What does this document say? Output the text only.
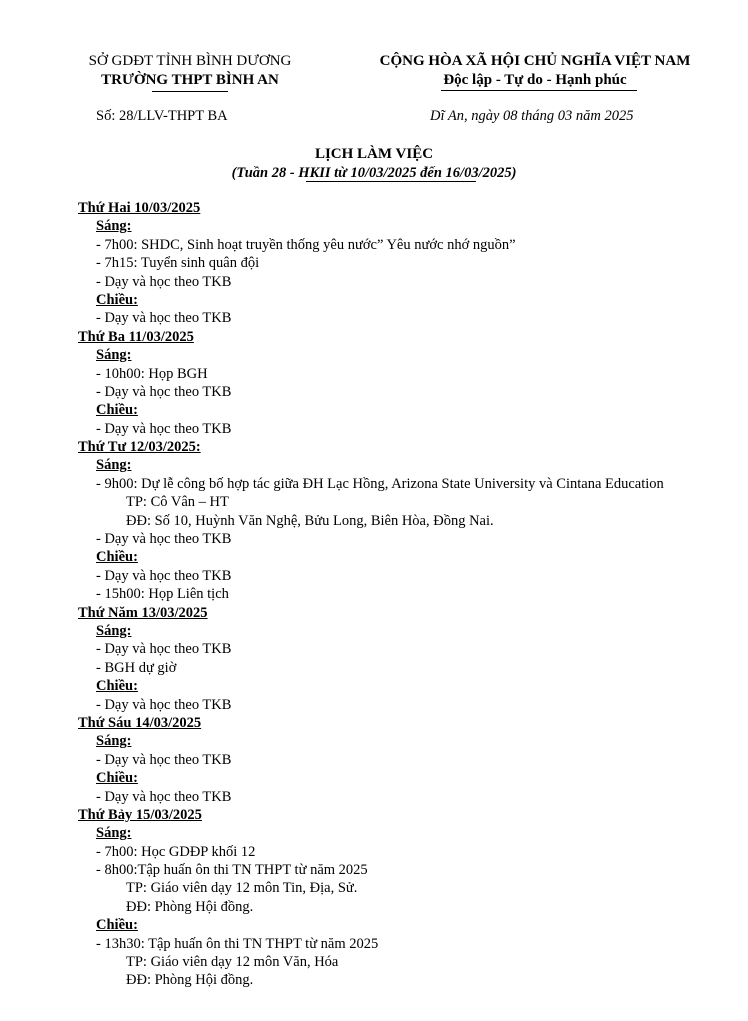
SỞ GDĐT TỈNH BÌNH DƯƠNG
TRƯỜNG THPT BÌNH AN
CỘNG HÒA XÃ HỘI CHỦ NGHĨA VIỆT NAM
Độc lập - Tự do - Hạnh phúc
Số: 28/LLV-THPT BA	Dĩ An, ngày 08 tháng 03 năm 2025
LỊCH LÀM VIỆC
(Tuần 28 - HKII từ 10/03/2025 đến 16/03/2025)
Thứ Hai 10/03/2025
Sáng:
- 7h00: SHDC, Sinh hoạt truyền thống yêu nước” Yêu nước nhớ nguồn”
- 7h15: Tuyển sinh quân đội
- Dạy và học theo TKB
Chiều:
- Dạy và học theo TKB
Thứ Ba 11/03/2025
Sáng:
- 10h00: Họp BGH
- Dạy và học theo TKB
Chiều:
- Dạy và học theo TKB
Thứ Tư 12/03/2025:
Sáng:
- 9h00: Dự lễ công bố hợp tác giữa ĐH Lạc Hồng, Arizona State University và Cintana Education
TP: Cô Vân – HT
ĐĐ: Số 10, Huỳnh Văn Nghệ, Bửu Long, Biên Hòa, Đồng Nai.
- Dạy và học theo TKB
Chiều:
- Dạy và học theo TKB
- 15h00: Họp Liên tịch
Thứ Năm 13/03/2025
Sáng:
- Dạy và học theo TKB
- BGH dự giờ
Chiều:
- Dạy và học theo TKB
Thứ Sáu 14/03/2025
Sáng:
- Dạy và học theo TKB
Chiều:
- Dạy và học theo TKB
Thứ Bảy 15/03/2025
Sáng:
- 7h00: Học GDĐP khối 12
- 8h00:Tập huấn ôn thi TN THPT từ năm 2025
TP: Giáo viên dạy 12 môn Tin, Địa, Sử.
ĐĐ: Phòng Hội đồng.
Chiều:
- 13h30: Tập huấn ôn thi TN THPT từ năm 2025
TP: Giáo viên dạy 12 môn Văn, Hóa
ĐĐ: Phòng Hội đồng.
